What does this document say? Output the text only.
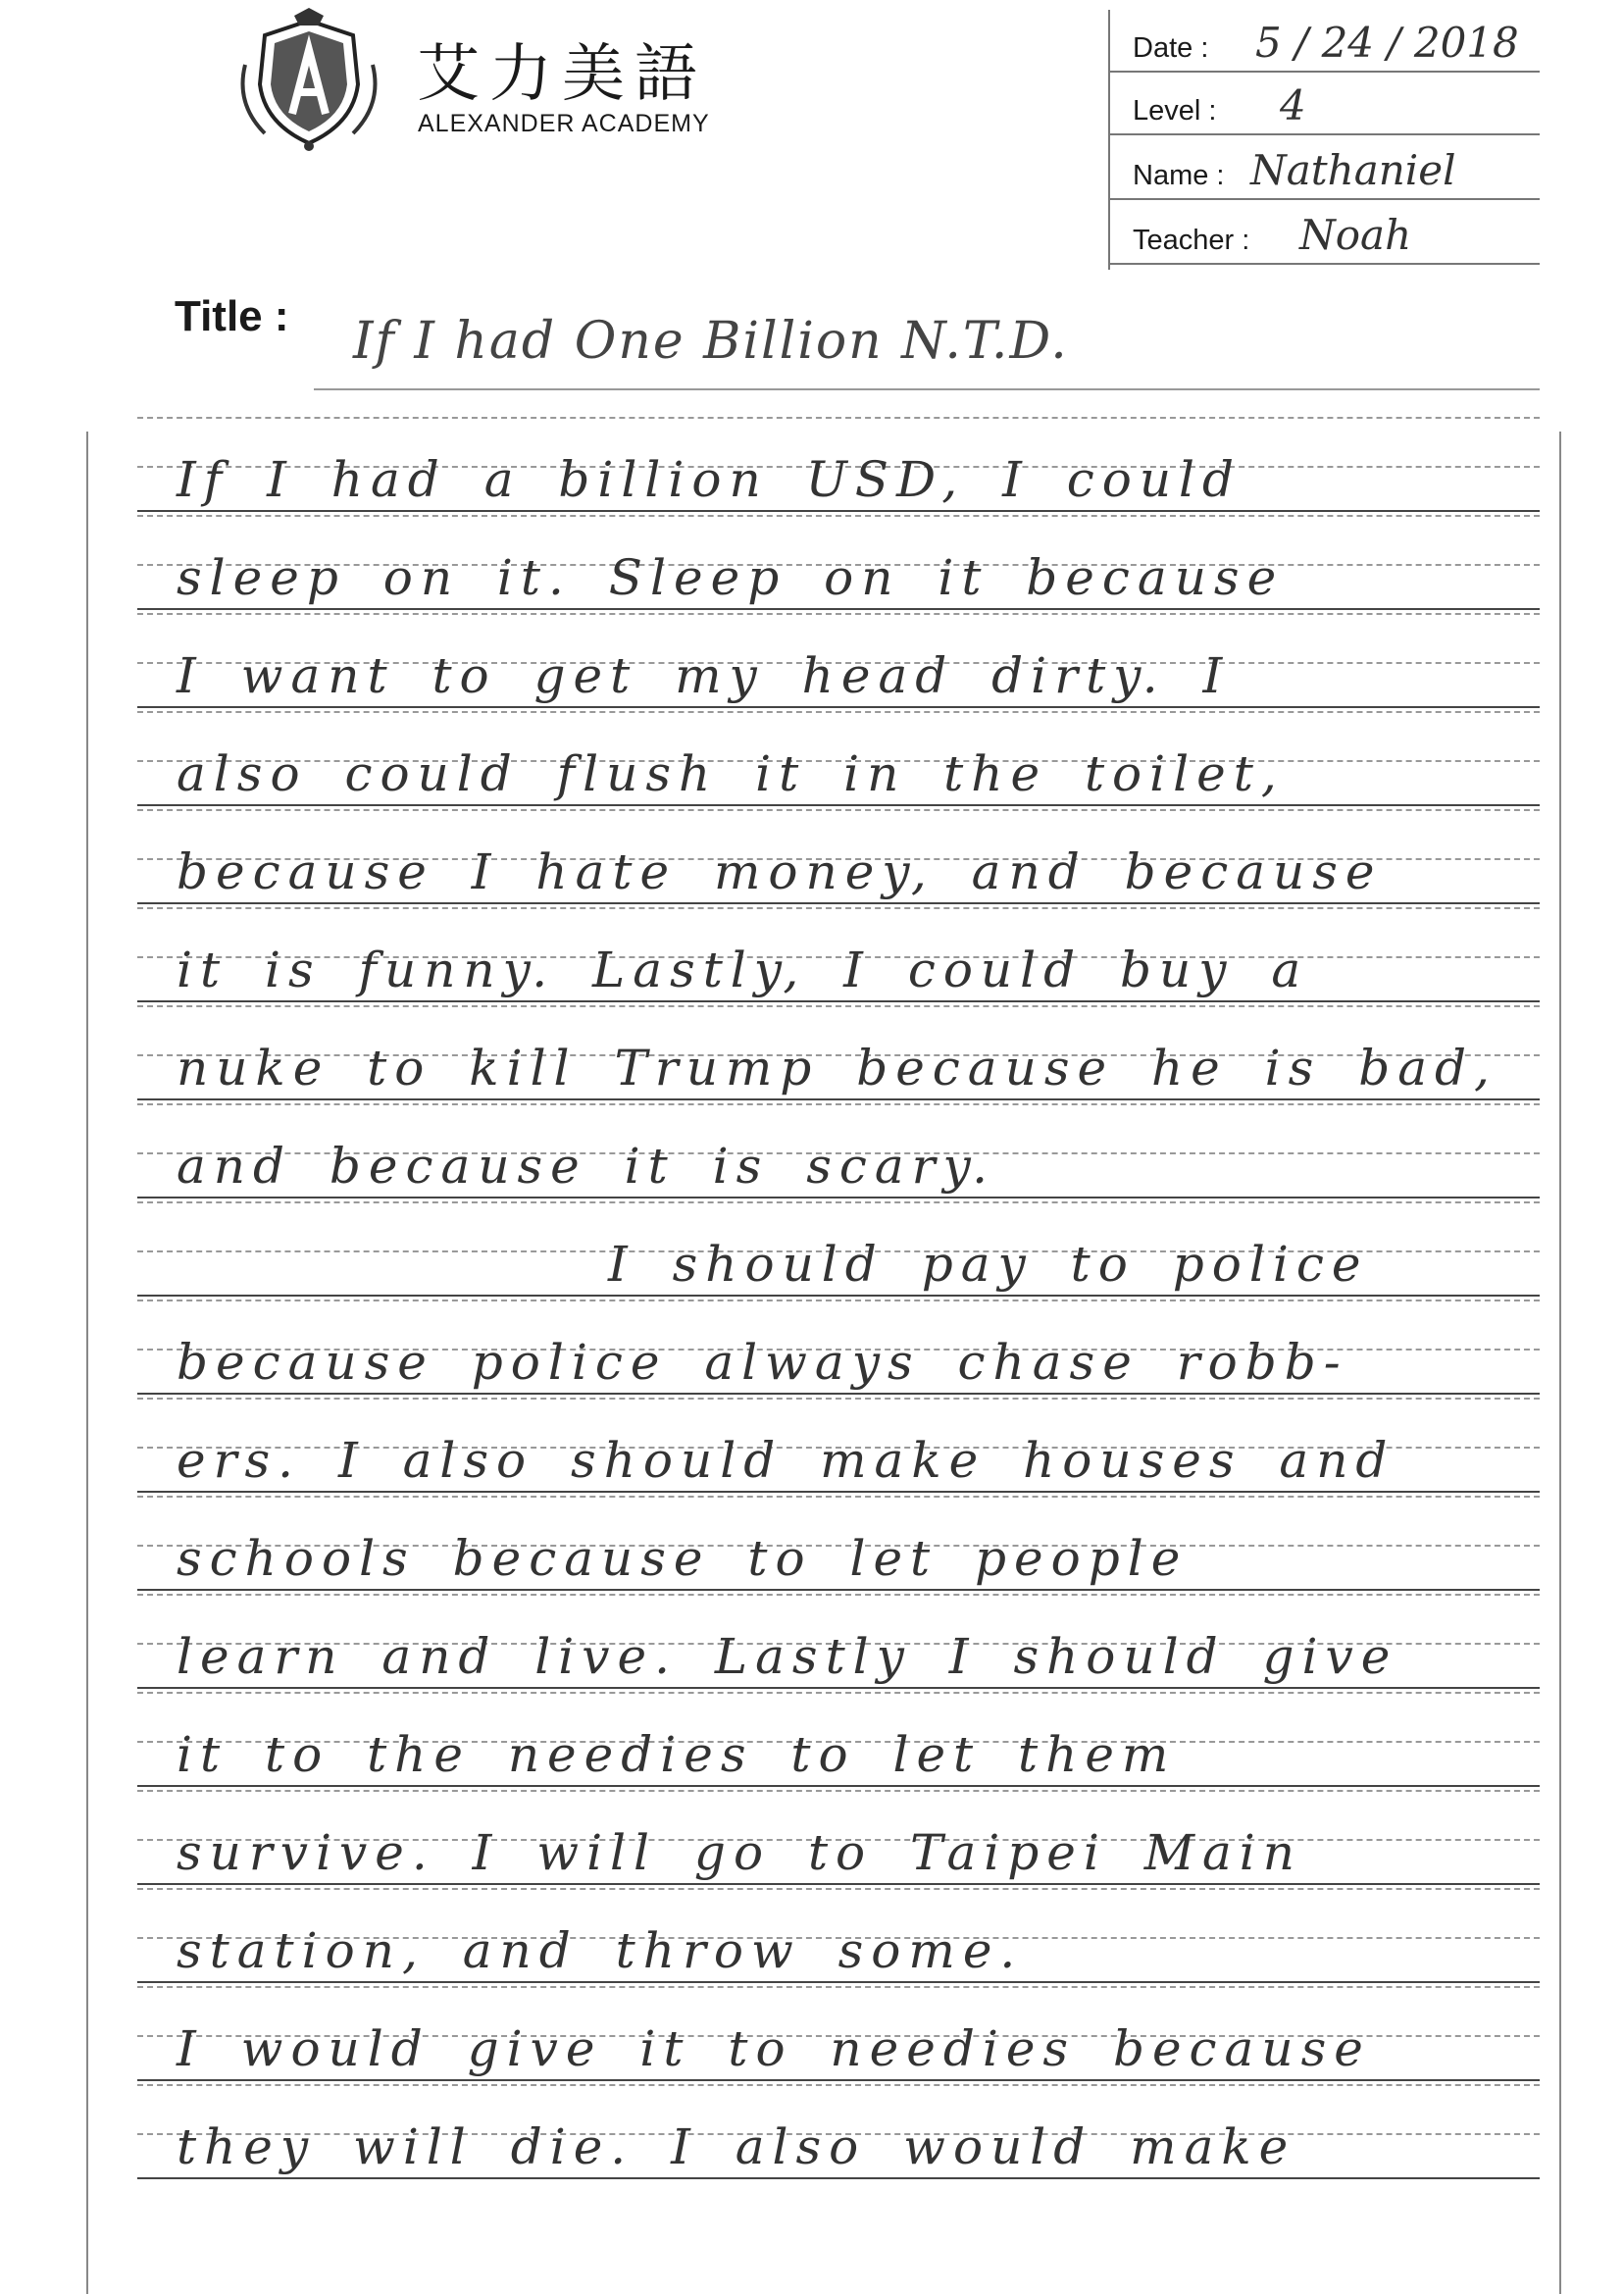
艾力美語
ALEXANDER ACADEMY
Date : 5 / 24 / 2018
Level : 4
Name : Nathaniel
Teacher : Noah
Title : If I had One Billion N.T.D.
If I had a billion USD, I could
sleep on it. Sleep on it because
I want to get my head dirty. I
also could flush it in the toilet,
because I hate money, and because
it is funny. Lastly, I could buy a
nuke to kill Trump because he is bad,
and because it is scary.
I should pay to police
because police always chase robb-
ers. I also should make houses and
schools because to let people
learn and live. Lastly I should give
it to the needies to let them
survive. I will go to Taipei Main
station, and throw some.
I would give it to needies because
they will die. I also would make
